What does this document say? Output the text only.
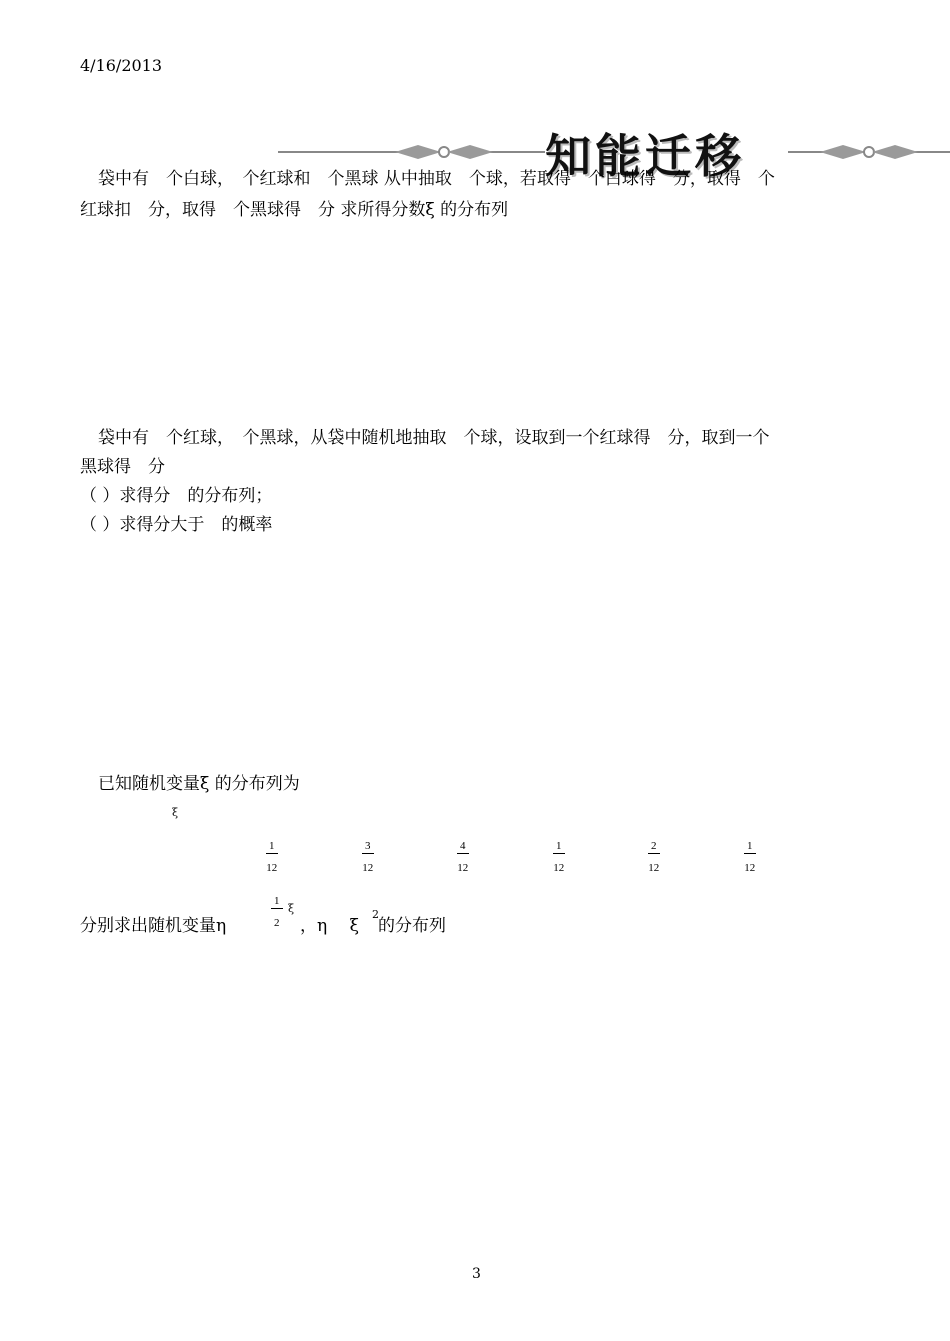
4/16/2013
知能迁移
袋中有　个白球，　个红球和　个黑球 从中抽取　个球，若取得　个白球得　分，取得　个
红球扣　分，取得　个黑球得　分 求所得分数ξ 的分布列
袋中有　个红球，　个黑球，从袋中随机地抽取　个球，设取到一个红球得　分，取到一个
黑球得　分
（ ）求得分　的分布列；
（ ）求得分大于　的概率
已知随机变量ξ 的分布列为
ξ
$\frac{1}{12}$	$\frac{3}{12}$	$\frac{4}{12}$	$\frac{1}{12}$	$\frac{2}{12}$	$\frac{1}{12}$
分别求出随机变量η	$\frac{1}{2}$ ξ
，η　 ξ
2
的分布列
3
